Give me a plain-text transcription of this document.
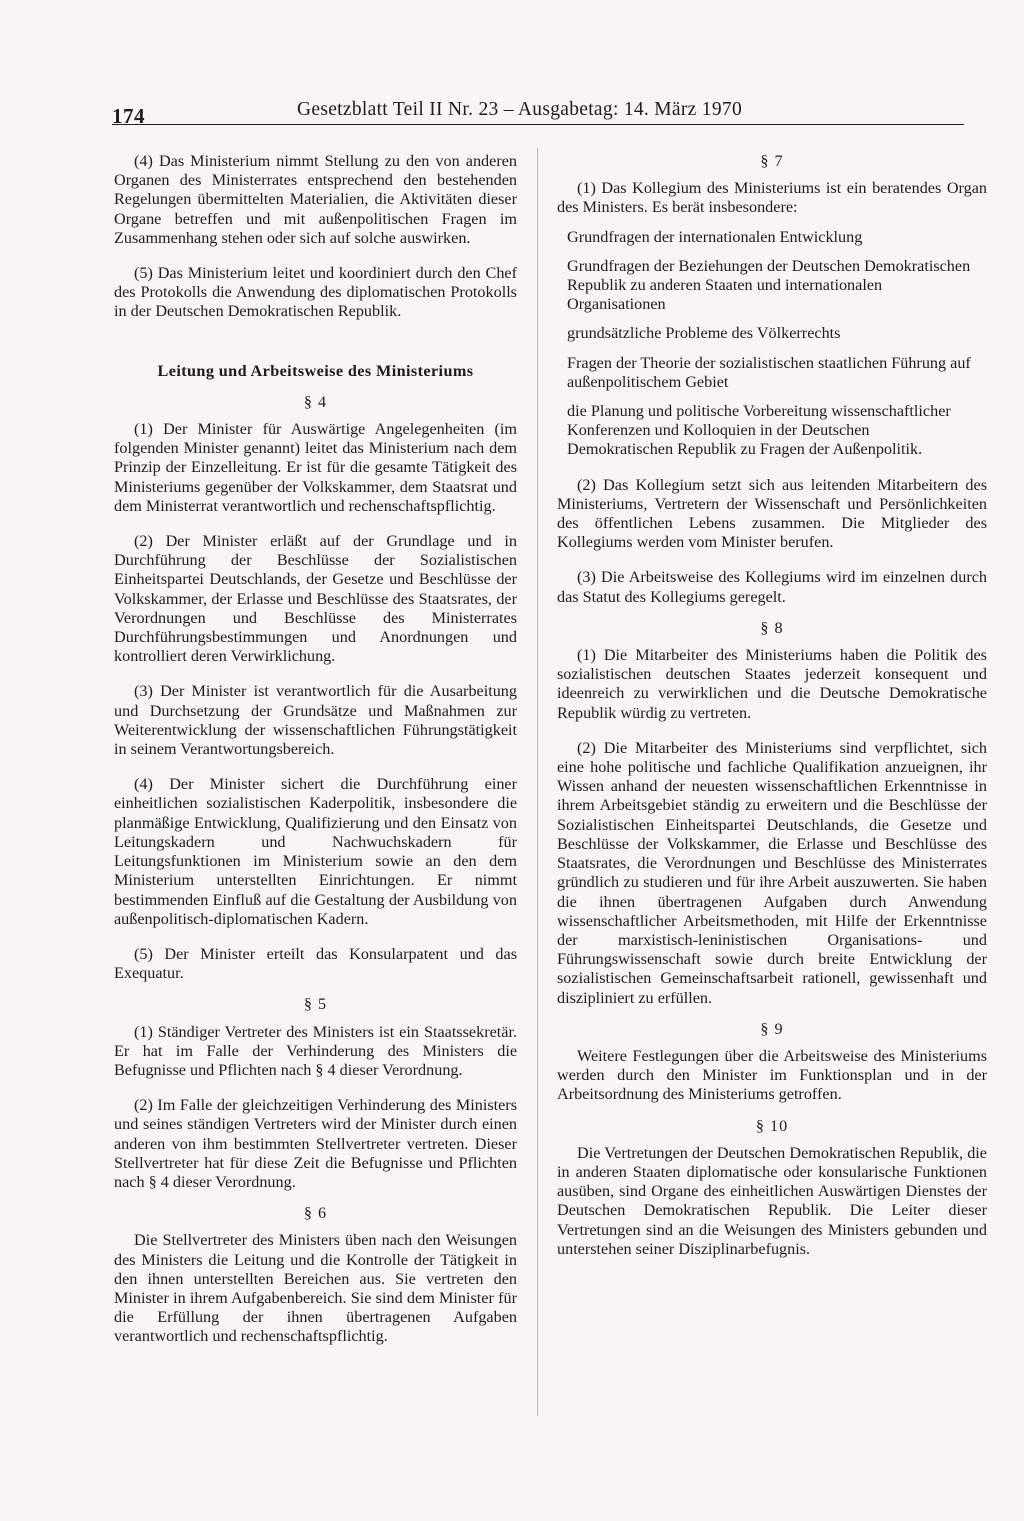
174	Gesetzblatt Teil II Nr. 23 – Ausgabetag: 14. März 1970

(4) Das Ministerium nimmt Stellung zu den von anderen Organen des Ministerrates entsprechend den bestehenden Regelungen übermittelten Materialien, die Aktivitäten dieser Organe betreffen und mit außenpolitischen Fragen im Zusammenhang stehen oder sich auf solche auswirken.

(5) Das Ministerium leitet und koordiniert durch den Chef des Protokolls die Anwendung des diplomatischen Protokolls in der Deutschen Demokratischen Republik.

Leitung und Arbeitsweise des Ministeriums

§ 4

(1) Der Minister für Auswärtige Angelegenheiten (im folgenden Minister genannt) leitet das Ministerium nach dem Prinzip der Einzelleitung. Er ist für die gesamte Tätigkeit des Ministeriums gegenüber der Volkskammer, dem Staatsrat und dem Ministerrat verantwortlich und rechenschaftspflichtig.

(2) Der Minister erläßt auf der Grundlage und in Durchführung der Beschlüsse der Sozialistischen Einheitspartei Deutschlands, der Gesetze und Beschlüsse der Volkskammer, der Erlasse und Beschlüsse des Staatsrates, der Verordnungen und Beschlüsse des Ministerrates Durchführungsbestimmungen und Anordnungen und kontrolliert deren Verwirklichung.

(3) Der Minister ist verantwortlich für die Ausarbeitung und Durchsetzung der Grundsätze und Maßnahmen zur Weiterentwicklung der wissenschaftlichen Führungstätigkeit in seinem Verantwortungsbereich.

(4) Der Minister sichert die Durchführung einer einheitlichen sozialistischen Kaderpolitik, insbesondere die planmäßige Entwicklung, Qualifizierung und den Einsatz von Leitungskadern und Nachwuchskadern für Leitungsfunktionen im Ministerium sowie an den dem Ministerium unterstellten Einrichtungen. Er nimmt bestimmenden Einfluß auf die Gestaltung der Ausbildung von außenpolitisch-diplomatischen Kadern.

(5) Der Minister erteilt das Konsularpatent und das Exequatur.

§ 5

(1) Ständiger Vertreter des Ministers ist ein Staatssekretär. Er hat im Falle der Verhinderung des Ministers die Befugnisse und Pflichten nach § 4 dieser Verordnung.

(2) Im Falle der gleichzeitigen Verhinderung des Ministers und seines ständigen Vertreters wird der Minister durch einen anderen von ihm bestimmten Stellvertreter vertreten. Dieser Stellvertreter hat für diese Zeit die Befugnisse und Pflichten nach § 4 dieser Verordnung.

§ 6

Die Stellvertreter des Ministers üben nach den Weisungen des Ministers die Leitung und die Kontrolle der Tätigkeit in den ihnen unterstellten Bereichen aus. Sie vertreten den Minister in ihrem Aufgabenbereich. Sie sind dem Minister für die Erfüllung der ihnen übertragenen Aufgaben verantwortlich und rechenschaftspflichtig.

§ 7

(1) Das Kollegium des Ministeriums ist ein beratendes Organ des Ministers. Es berät insbesondere:

Grundfragen der internationalen Entwicklung

Grundfragen der Beziehungen der Deutschen Demokratischen Republik zu anderen Staaten und internationalen Organisationen

grundsätzliche Probleme des Völkerrechts

Fragen der Theorie der sozialistischen staatlichen Führung auf außenpolitischem Gebiet

die Planung und politische Vorbereitung wissenschaftlicher Konferenzen und Kolloquien in der Deutschen Demokratischen Republik zu Fragen der Außenpolitik.

(2) Das Kollegium setzt sich aus leitenden Mitarbeitern des Ministeriums, Vertretern der Wissenschaft und Persönlichkeiten des öffentlichen Lebens zusammen. Die Mitglieder des Kollegiums werden vom Minister berufen.

(3) Die Arbeitsweise des Kollegiums wird im einzelnen durch das Statut des Kollegiums geregelt.

§ 8

(1) Die Mitarbeiter des Ministeriums haben die Politik des sozialistischen deutschen Staates jederzeit konsequent und ideenreich zu verwirklichen und die Deutsche Demokratische Republik würdig zu vertreten.

(2) Die Mitarbeiter des Ministeriums sind verpflichtet, sich eine hohe politische und fachliche Qualifikation anzueignen, ihr Wissen anhand der neuesten wissenschaftlichen Erkenntnisse in ihrem Arbeitsgebiet ständig zu erweitern und die Beschlüsse der Sozialistischen Einheitspartei Deutschlands, die Gesetze und Beschlüsse der Volkskammer, die Erlasse und Beschlüsse des Staatsrates, die Verordnungen und Beschlüsse des Ministerrates gründlich zu studieren und für ihre Arbeit auszuwerten. Sie haben die ihnen übertragenen Aufgaben durch Anwendung wissenschaftlicher Arbeitsmethoden, mit Hilfe der Erkenntnisse der marxistisch-leninistischen Organisations- und Führungswissenschaft sowie durch breite Entwicklung der sozialistischen Gemeinschaftsarbeit rationell, gewissenhaft und diszipliniert zu erfüllen.

§ 9

Weitere Festlegungen über die Arbeitsweise des Ministeriums werden durch den Minister im Funktionsplan und in der Arbeitsordnung des Ministeriums getroffen.

§ 10

Die Vertretungen der Deutschen Demokratischen Republik, die in anderen Staaten diplomatische oder konsularische Funktionen ausüben, sind Organe des einheitlichen Auswärtigen Dienstes der Deutschen Demokratischen Republik. Die Leiter dieser Vertretungen sind an die Weisungen des Ministers gebunden und unterstehen seiner Disziplinarbefugnis.
